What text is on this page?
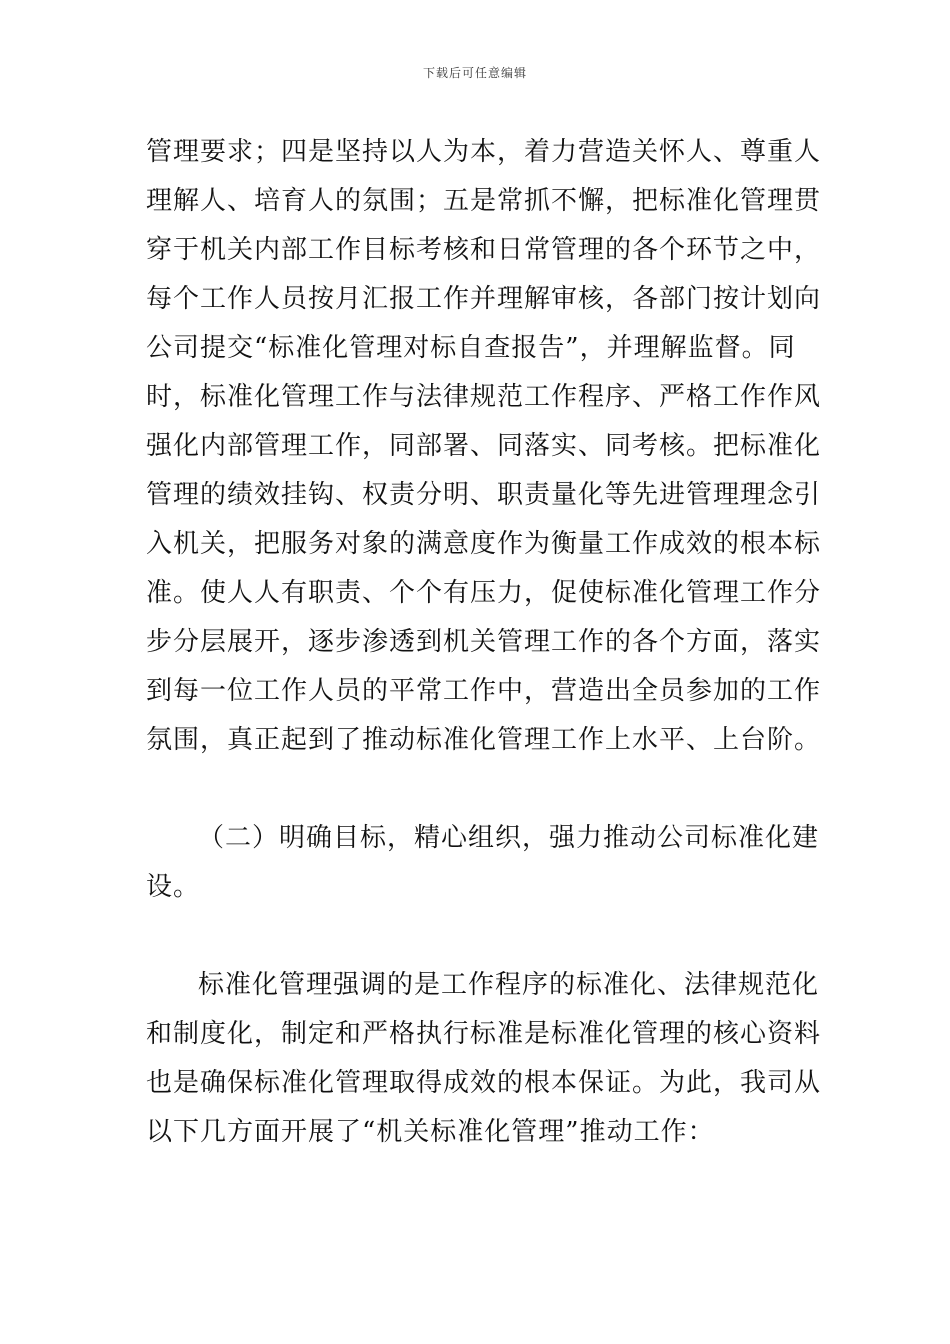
下载后可任意编辑
管理要求；四是坚持以人为本，着力营造关怀人、尊重人
理解人、培育人的氛围；五是常抓不懈，把标准化管理贯
穿于机关内部工作目标考核和日常管理的各个环节之中，
每个工作人员按月汇报工作并理解审核，各部门按计划向
公司提交“标准化管理对标自查报告”，并理解监督。同
时，标准化管理工作与法律规范工作程序、严格工作作风
强化内部管理工作，同部署、同落实、同考核。把标准化
管理的绩效挂钩、权责分明、职责量化等先进管理理念引
入机关，把服务对象的满意度作为衡量工作成效的根本标
准。使人人有职责、个个有压力，促使标准化管理工作分
步分层展开，逐步渗透到机关管理工作的各个方面，落实
到每一位工作人员的平常工作中，营造出全员参加的工作
氛围，真正起到了推动标准化管理工作上水平、上台阶。
（二）明确目标，精心组织，强力推动公司标准化建
设。
标准化管理强调的是工作程序的标准化、法律规范化
和制度化，制定和严格执行标准是标准化管理的核心资料
也是确保标准化管理取得成效的根本保证。为此，我司从
以下几方面开展了“机关标准化管理”推动工作：
